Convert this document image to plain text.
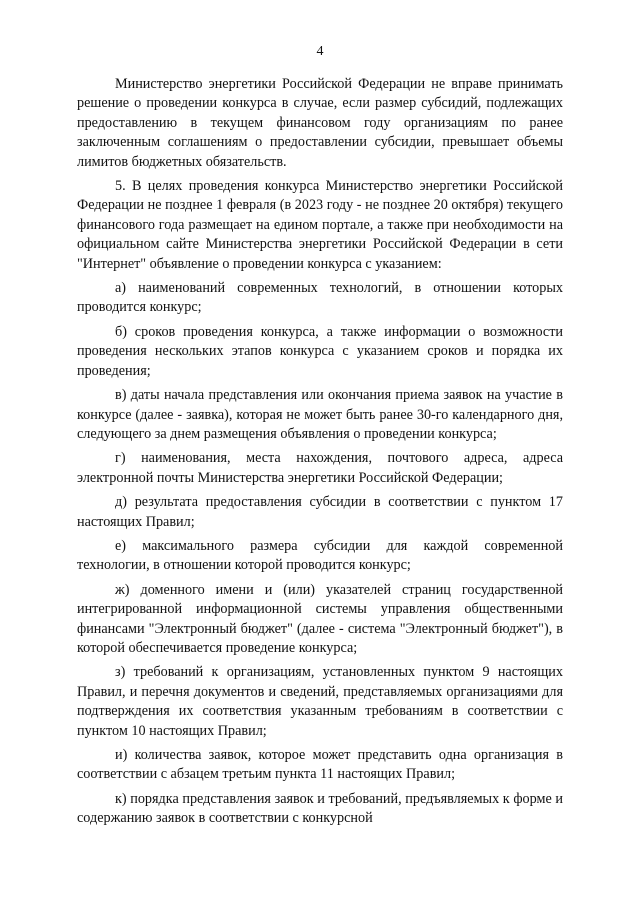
4

Министерство энергетики Российской Федерации не вправе принимать решение о проведении конкурса в случае, если размер субсидий, подлежащих предоставлению в текущем финансовом году организациям по ранее заключенным соглашениям о предоставлении субсидии, превышает объемы лимитов бюджетных обязательств.

5. В целях проведения конкурса Министерство энергетики Российской Федерации не позднее 1 февраля (в 2023 году - не позднее 20 октября) текущего финансового года размещает на едином портале, а также при необходимости на официальном сайте Министерства энергетики Российской Федерации в сети "Интернет" объявление о проведении конкурса с указанием:

а) наименований современных технологий, в отношении которых проводится конкурс;

б) сроков проведения конкурса, а также информации о возможности проведения нескольких этапов конкурса с указанием сроков и порядка их проведения;

в) даты начала представления или окончания приема заявок на участие в конкурсе (далее - заявка), которая не может быть ранее 30-го календарного дня, следующего за днем размещения объявления о проведении конкурса;

г) наименования, места нахождения, почтового адреса, адреса электронной почты Министерства энергетики Российской Федерации;

д) результата предоставления субсидии в соответствии с пунктом 17 настоящих Правил;

е) максимального размера субсидии для каждой современной технологии, в отношении которой проводится конкурс;

ж) доменного имени и (или) указателей страниц государственной интегрированной информационной системы управления общественными финансами "Электронный бюджет" (далее - система "Электронный бюджет"), в которой обеспечивается проведение конкурса;

з) требований к организациям, установленных пунктом 9 настоящих Правил, и перечня документов и сведений, представляемых организациями для подтверждения их соответствия указанным требованиям в соответствии с пунктом 10 настоящих Правил;

и) количества заявок, которое может представить одна организация в соответствии с абзацем третьим пункта 11 настоящих Правил;

к) порядка представления заявок и требований, предъявляемых к форме и содержанию заявок в соответствии с конкурсной
